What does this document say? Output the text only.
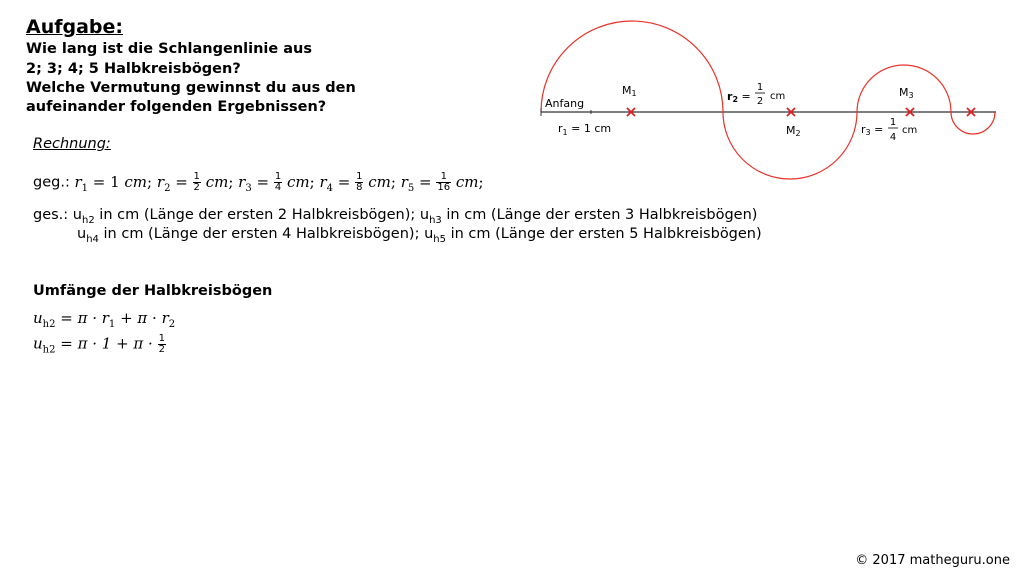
Aufgabe:
Wie lang ist die Schlangenlinie aus
2; 3; 4; 5 Halbkreisbögen?
Welche Vermutung gewinnst du aus den
aufeinander folgenden Ergebnissen?
Rechnung:
geg.: $r_1 = 1$ cm; $r_2 = \frac{1}{2}$ cm; $r_3 = \frac{1}{4}$ cm; $r_4 = \frac{1}{8}$ cm; $r_5 = \frac{1}{16}$ cm;
ges.: $u_{h2}$ in cm (Länge der ersten 2 Halbkreisbögen); $u_{h3}$ in cm (Länge der ersten 3 Halbkreisbögen)
$u_{h4}$ in cm (Länge der ersten 4 Halbkreisbögen); $u_{h5}$ in cm (Länge der ersten 5 Halbkreisbögen)
Umfänge der Halbkreisbögen
$u_{h2} = \pi \cdot r_1 + \pi \cdot r_2$
$u_{h2} = \pi \cdot 1 + \pi \cdot \frac{1}{2}$
Anfang
$r_1 = 1$ cm
M1
M2
M3
r2 =
1
2 cm
r3 =
1
4
cm
© 2017 matheguru.one
